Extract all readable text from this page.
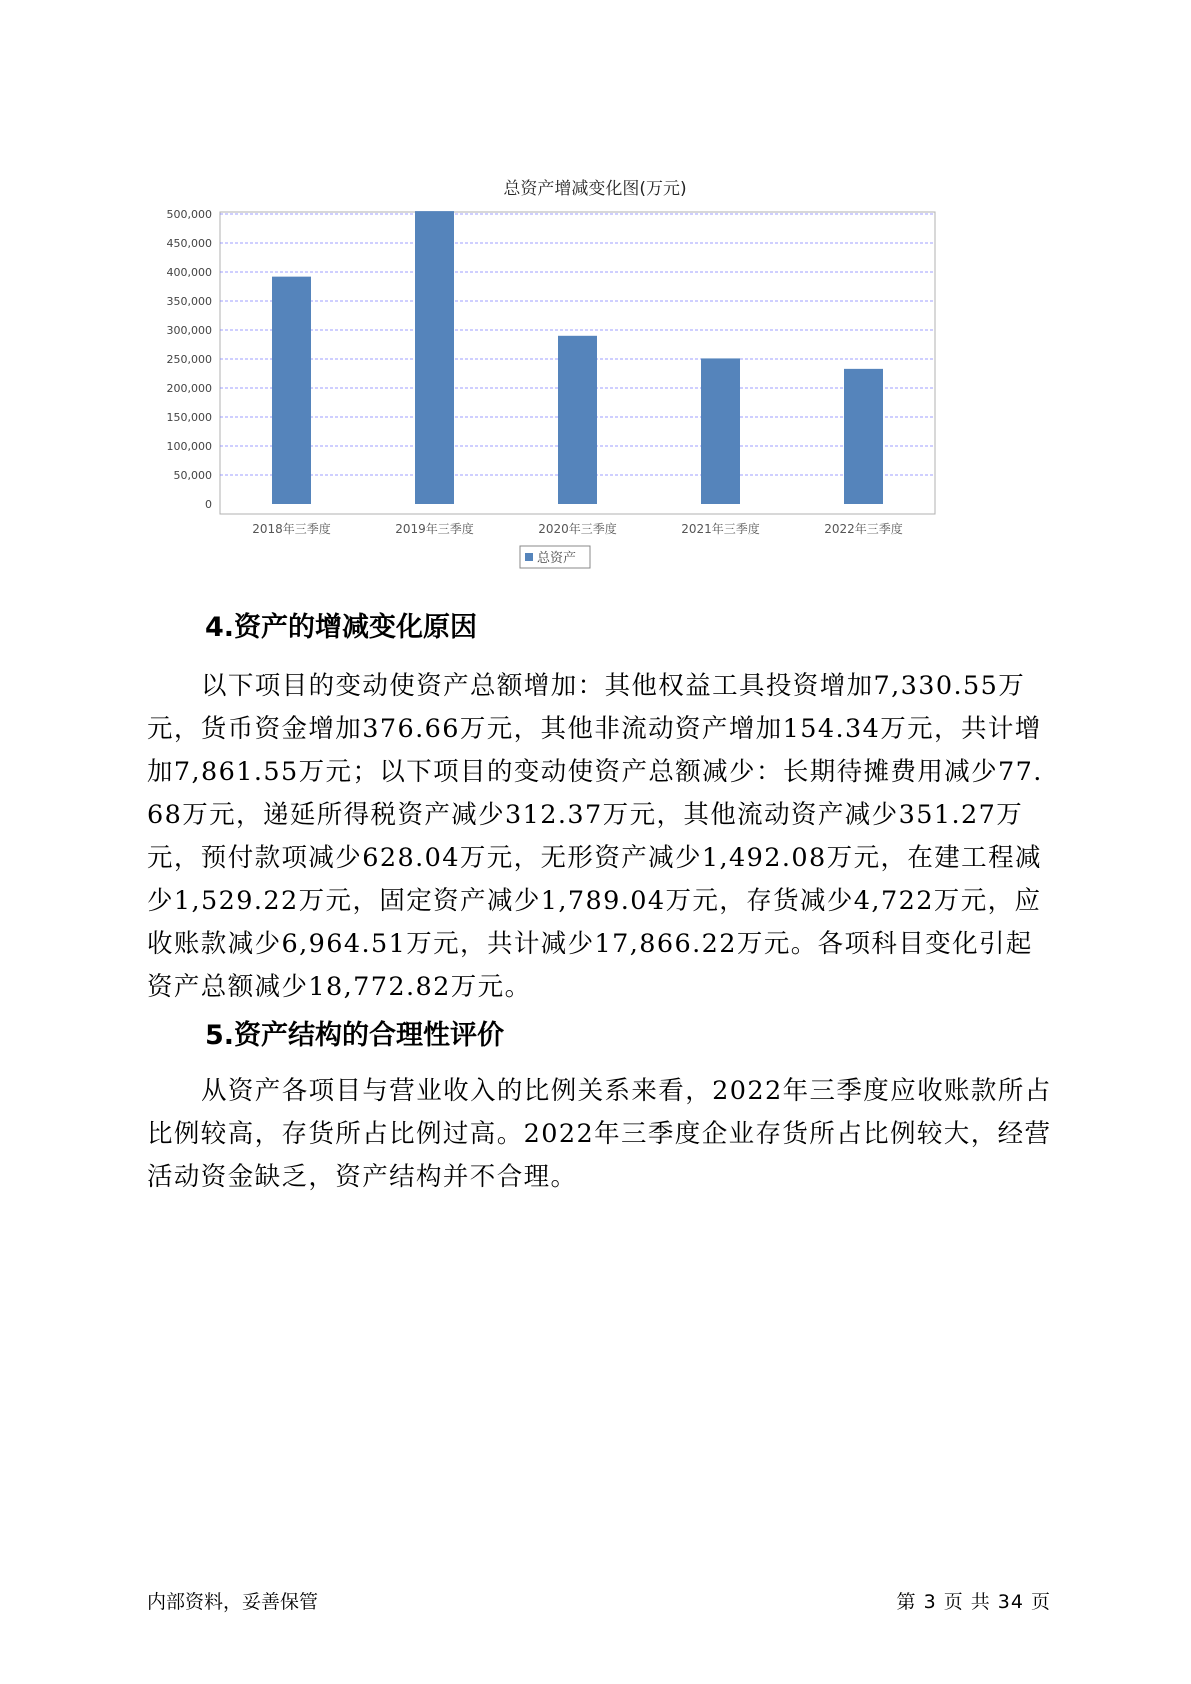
总资产增减变化图(万元)
0
50,000
100,000
150,000
200,000
250,000
300,000
350,000
400,000
450,000
500,000
2018年三季度	2019年三季度	2020年三季度	2021年三季度	2022年三季度
总资产
4.资产的增减变化原因

以下项目的变动使资产总额增加：其他权益工具投资增加7,330.55万元，货币资金增加376.66万元，其他非流动资产增加154.34万元，共计增加7,861.55万元；以下项目的变动使资产总额减少：长期待摊费用减少77.68万元，递延所得税资产减少312.37万元，其他流动资产减少351.27万元，预付款项减少628.04万元，无形资产减少1,492.08万元，在建工程减少1,529.22万元，固定资产减少1,789.04万元，存货减少4,722万元，应收账款减少6,964.51万元，共计减少17,866.22万元。各项科目变化引起资产总额减少18,772.82万元。

5.资产结构的合理性评价

从资产各项目与营业收入的比例关系来看，2022年三季度应收账款所占比例较高，存货所占比例过高。2022年三季度企业存货所占比例较大，经营活动资金缺乏，资产结构并不合理。

内部资料，妥善保管	第 3 页 共 34 页
